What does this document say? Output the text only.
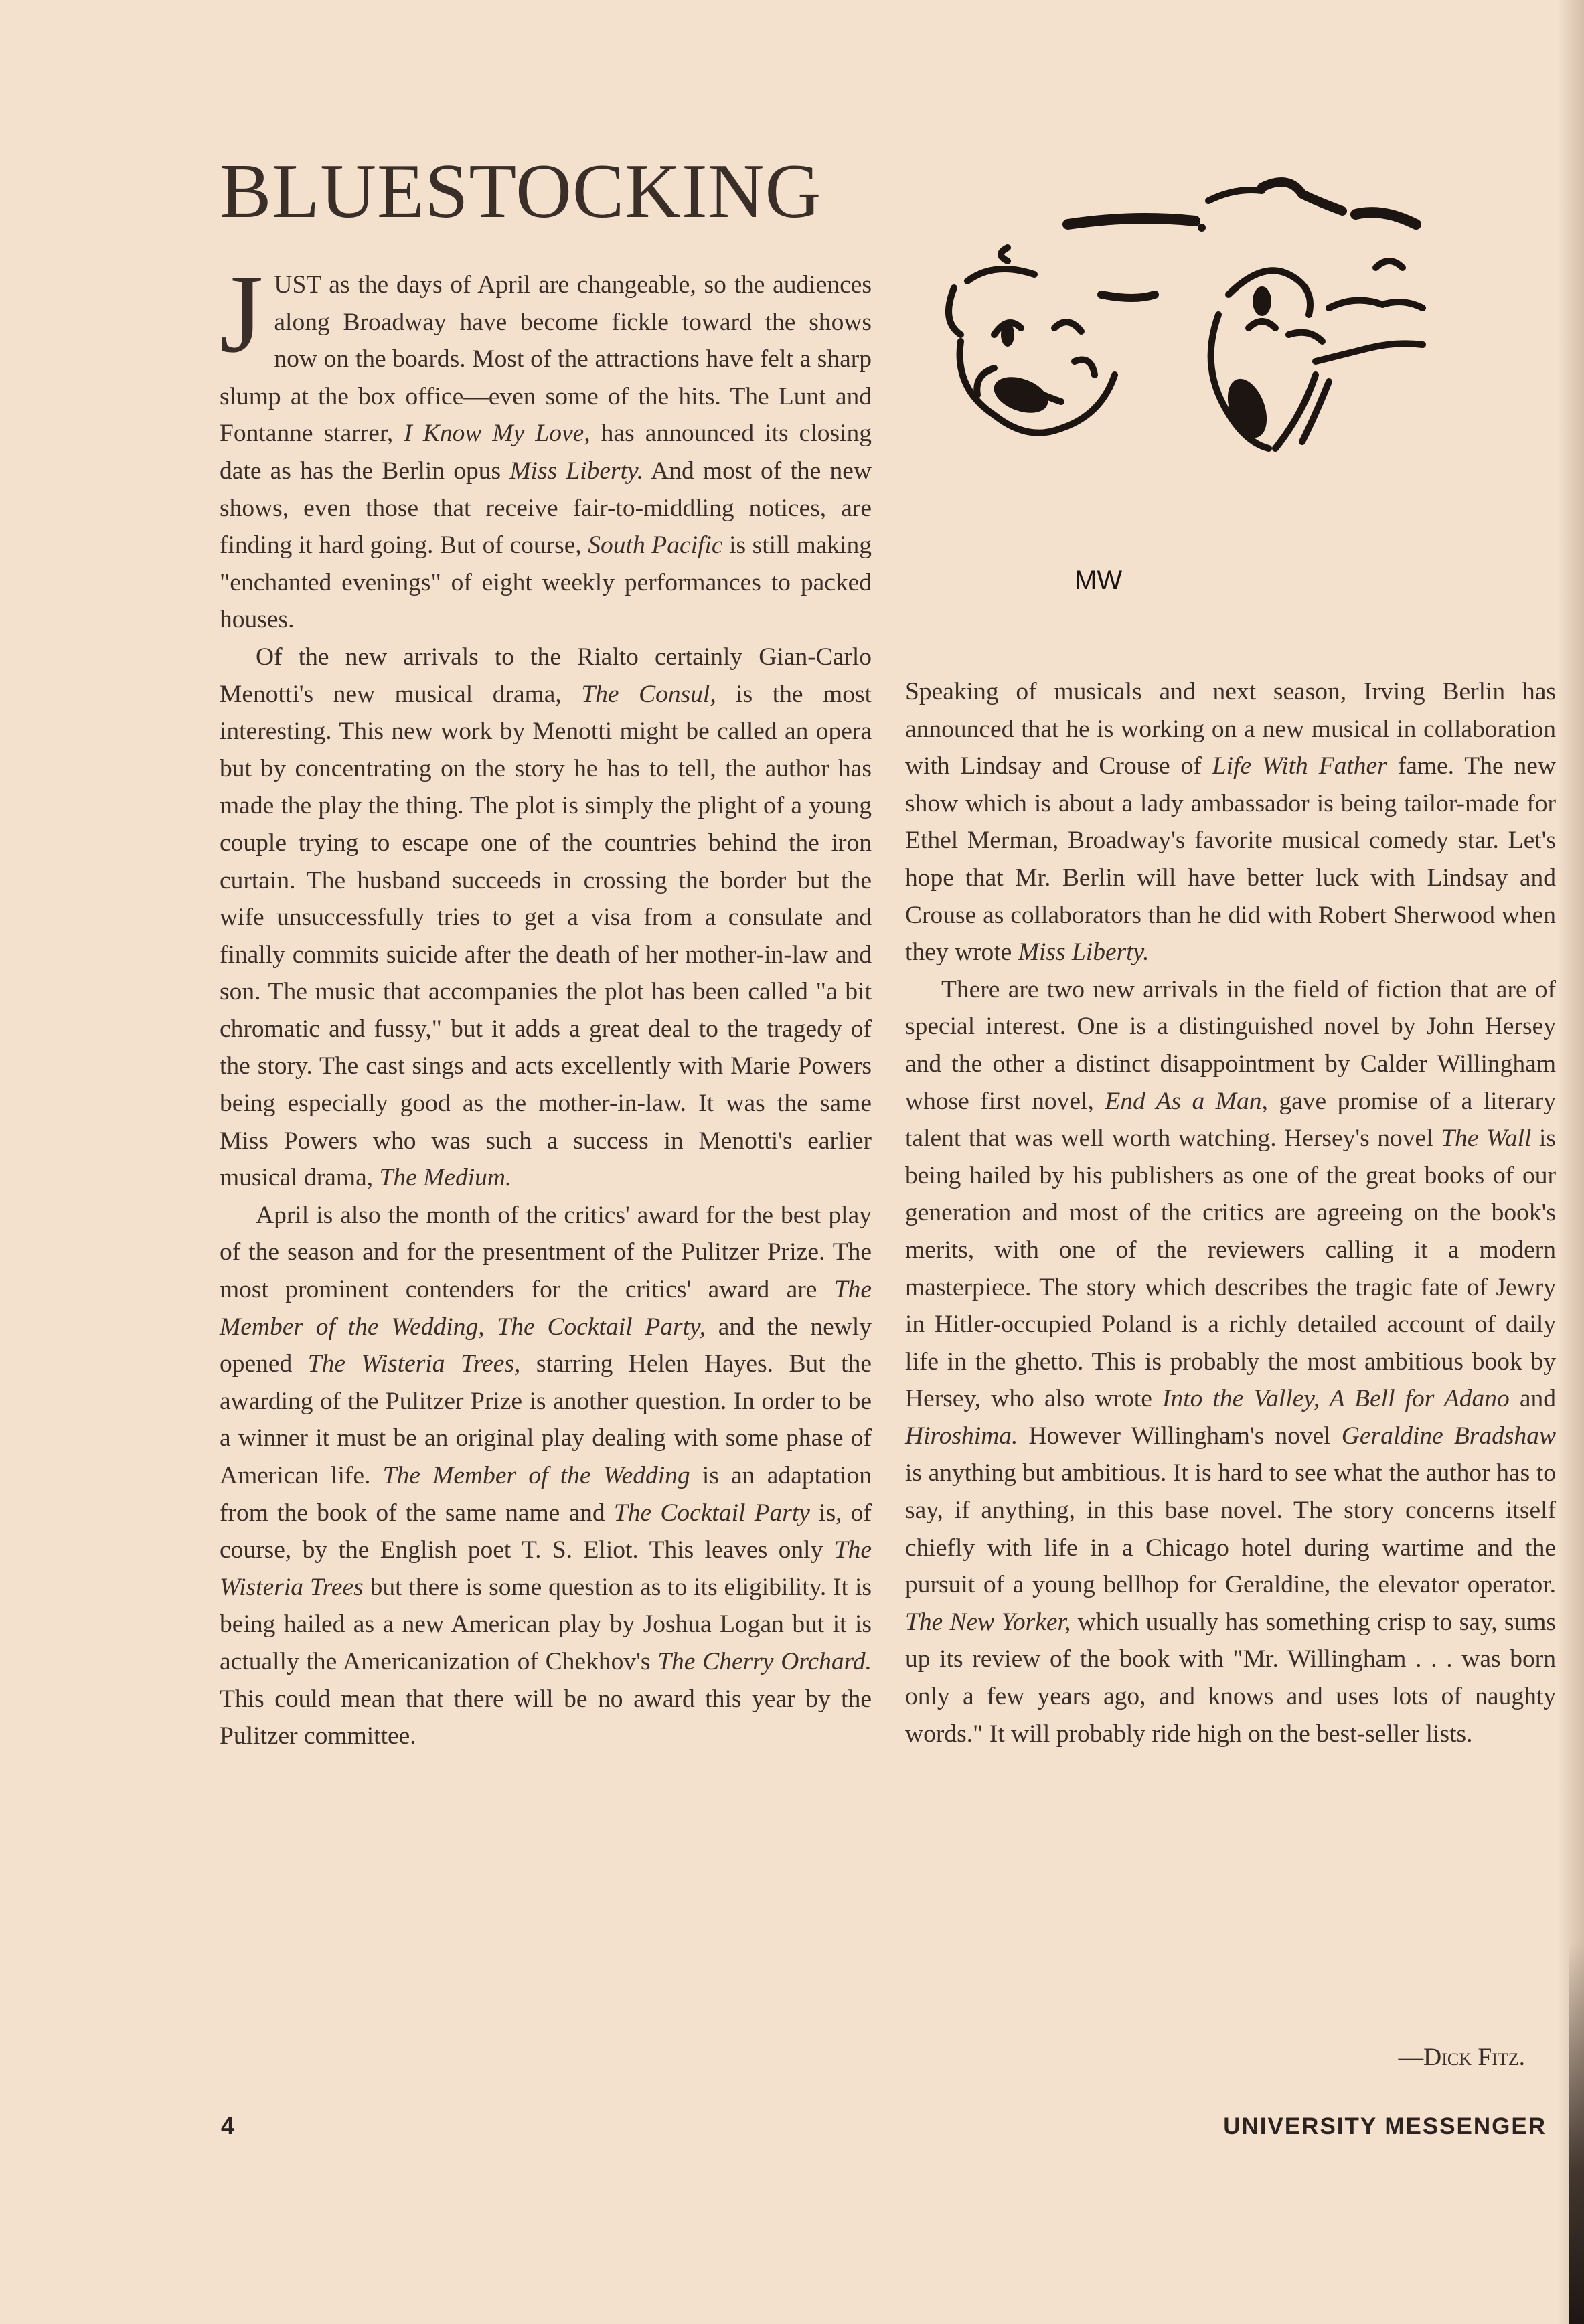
BLUESTOCKING
J UST as the days of April are changeable, so the audiences along Broadway have become fickle toward the shows now on the boards. Most of the attractions have felt a sharp slump at the box office—even some of the hits. The Lunt and Fontanne starrer, I Know My Love, has announced its closing date as has the Berlin opus Miss Liberty. And most of the new shows, even those that receive fair-to-middling notices, are finding it hard going. But of course, South Pacific is still making "enchanted evenings" of eight weekly performances to packed houses.

Of the new arrivals to the Rialto certainly Gian-Carlo Menotti's new musical drama, The Consul, is the most interesting. This new work by Menotti might be called an opera but by concentrating on the story he has to tell, the author has made the play the thing. The plot is simply the plight of a young couple trying to escape one of the countries behind the iron curtain. The husband succeeds in crossing the border but the wife unsuccessfully tries to get a visa from a consulate and finally commits suicide after the death of her mother-in-law and son. The music that accompanies the plot has been called "a bit chromatic and fussy," but it adds a great deal to the tragedy of the story. The cast sings and acts excellently with Marie Powers being especially good as the mother-in-law. It was the same Miss Powers who was such a success in Menotti's earlier musical drama, The Medium.

April is also the month of the critics' award for the best play of the season and for the presentment of the Pulitzer Prize. The most prominent contenders for the critics' award are The Member of the Wedding, The Cocktail Party, and the newly opened The Wisteria Trees, starring Helen Hayes. But the awarding of the Pulitzer Prize is another question. In order to be a winner it must be an original play dealing with some phase of American life. The Member of the Wedding is an adaptation from the book of the same name and The Cocktail Party is, of course, by the English poet T. S. Eliot. This leaves only The Wisteria Trees but there is some question as to its eligibility. It is being hailed as a new American play by Joshua Logan but it is actually the Americanization of Chekhov's The Cherry Orchard. This could mean that there will be no award this year by the Pulitzer committee.

MW

Speaking of musicals and next season, Irving Berlin has announced that he is working on a new musical in collaboration with Lindsay and Crouse of Life With Father fame. The new show which is about a lady ambassador is being tailor-made for Ethel Merman, Broadway's favorite musical comedy star. Let's hope that Mr. Berlin will have better luck with Lindsay and Crouse as collaborators than he did with Robert Sherwood when they wrote Miss Liberty.

There are two new arrivals in the field of fiction that are of special interest. One is a distinguished novel by John Hersey and the other a distinct disappointment by Calder Willingham whose first novel, End As a Man, gave promise of a literary talent that was well worth watching. Hersey's novel The Wall is being hailed by his publishers as one of the great books of our generation and most of the critics are agreeing on the book's merits, with one of the reviewers calling it a modern masterpiece. The story which describes the tragic fate of Jewry in Hitler-occupied Poland is a richly detailed account of daily life in the ghetto. This is probably the most ambitious book by Hersey, who also wrote Into the Valley, A Bell for Adano and Hiroshima. However Willingham's novel Geraldine Bradshaw is anything but ambitious. It is hard to see what the author has to say, if anything, in this base novel. The story concerns itself chiefly with life in a Chicago hotel during wartime and the pursuit of a young bellhop for Geraldine, the elevator operator. The New Yorker, which usually has something crisp to say, sums up its review of the book with "Mr. Willingham . . . was born only a few years ago, and knows and uses lots of naughty words." It will probably ride high on the best-seller lists.

—Dick Fitz.
4	UNIVERSITY MESSENGER
